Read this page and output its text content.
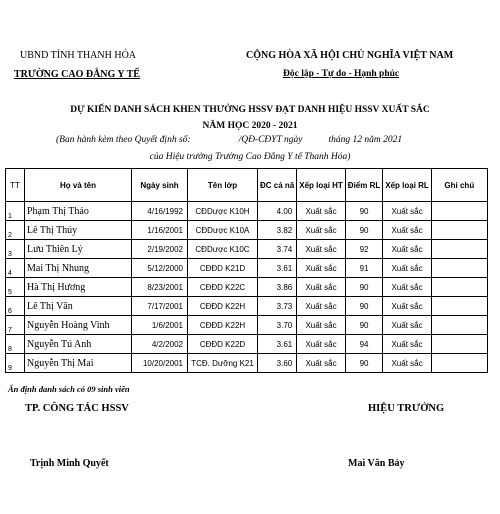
UBND TỈNH THANH HÓA
TRƯỜNG CAO ĐẲNG Y TẾ
CỘNG HÒA XÃ HỘI CHỦ NGHĨA VIỆT NAM
Độc lập - Tự do - Hạnh phúc
DỰ KIẾN DANH SÁCH KHEN THƯỞNG HSSV ĐẠT DANH HIỆU HSSV XUẤT SẮC
NĂM HỌC 2020 - 2021
(Ban hành kèm theo Quyết định số:	/QĐ-CĐYT ngày	tháng 12 năm 2021
của Hiệu trưởng Trường Cao Đẳng Y tế Thanh Hóa)
TT	Họ và tên	Ngày sinh	Tên lớp	ĐC cả nă	Xếp loại HT	Điểm RL	Xếp loại RL	Ghi chú
1	Phạm Thị Thảo	4/16/1992	CĐDược K10H	4.00	Xuất sắc	90	Xuất sắc	
2	Lê Thị Thúy	1/16/2001	CĐDược K10A	3.82	Xuất sắc	90	Xuất sắc	
3	Lưu Thiên Lý	2/19/2002	CĐDược K10C	3.74	Xuất sắc	92	Xuất sắc	
4	Mai Thị Nhung	5/12/2000	CĐĐD K21D	3.61	Xuất sắc	91	Xuất sắc	
5	Hà Thị Hương	8/23/2001	CĐĐD K22C	3.86	Xuất sắc	90	Xuất sắc	
6	Lê Thị Vân	7/17/2001	CĐĐD K22H	3.73	Xuất sắc	90	Xuất sắc	
7	Nguyễn Hoàng Vinh	1/6/2001	CĐĐD K22H	3.70	Xuất sắc	90	Xuất sắc	
8	Nguyễn Tú Anh	4/2/2002	CĐĐD K22D	3.61	Xuất sắc	94	Xuất sắc	
9	Nguyễn Thị Mai	10/20/2001	TCĐ. Dưỡng K21	3.60	Xuất sắc	90	Xuất sắc	
Ấn định danh sách có 09 sinh viên
TP. CÔNG TÁC HSSV	HIỆU TRƯỞNG
Trịnh Minh Quyết	Mai Văn Bảy
